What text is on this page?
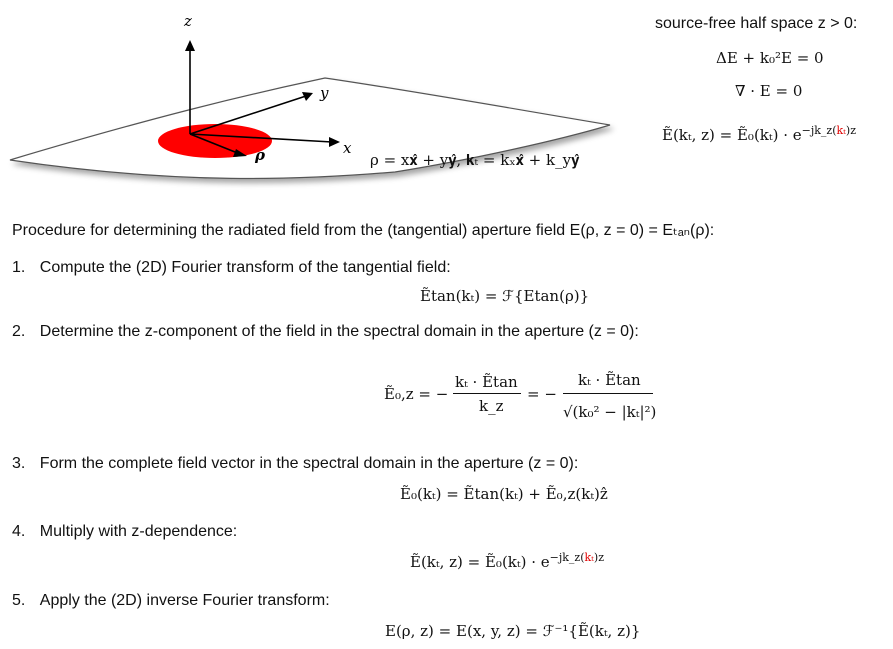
z
y
x
ρ	ρ = x𝐱̂ + y𝐲̂, 𝐤ₜ = kₓ𝐱̂ + k_y𝐲̂
source-free half space z > 0:
ΔE + k₀²E = 0
∇ · E = 0
Ẽ(kₜ, z) = Ẽ₀(kₜ) · $e^{-jk\_z(k_t)z}$
Procedure for determining the radiated field from the (tangential) aperture field E(ρ, z = 0) = Eₜₐₙ(ρ):
1. Compute the (2D) Fourier transform of the tangential field:
Ẽtan(kₜ) = ℱ{Etan(ρ)}
2. Determine the z-component of the field in the spectral domain in the aperture (z = 0):
Ẽ₀,z = −
kₜ · Ẽtan
k_z
= −
kₜ · Ẽtan
√(k₀² − |kₜ|²)
3. Form the complete field vector in the spectral domain in the aperture (z = 0):
Ẽ₀(kₜ) = Ẽtan(kₜ) + Ẽ₀,z(kₜ)ẑ
4. Multiply with z-dependence:
Ẽ(kₜ, z) = Ẽ₀(kₜ) · $e^{-jk\_z(k_t)z}$
5. Apply the (2D) inverse Fourier transform:
E(ρ, z) = E(x, y, z) = ℱ⁻¹{Ẽ(kₜ, z)}
